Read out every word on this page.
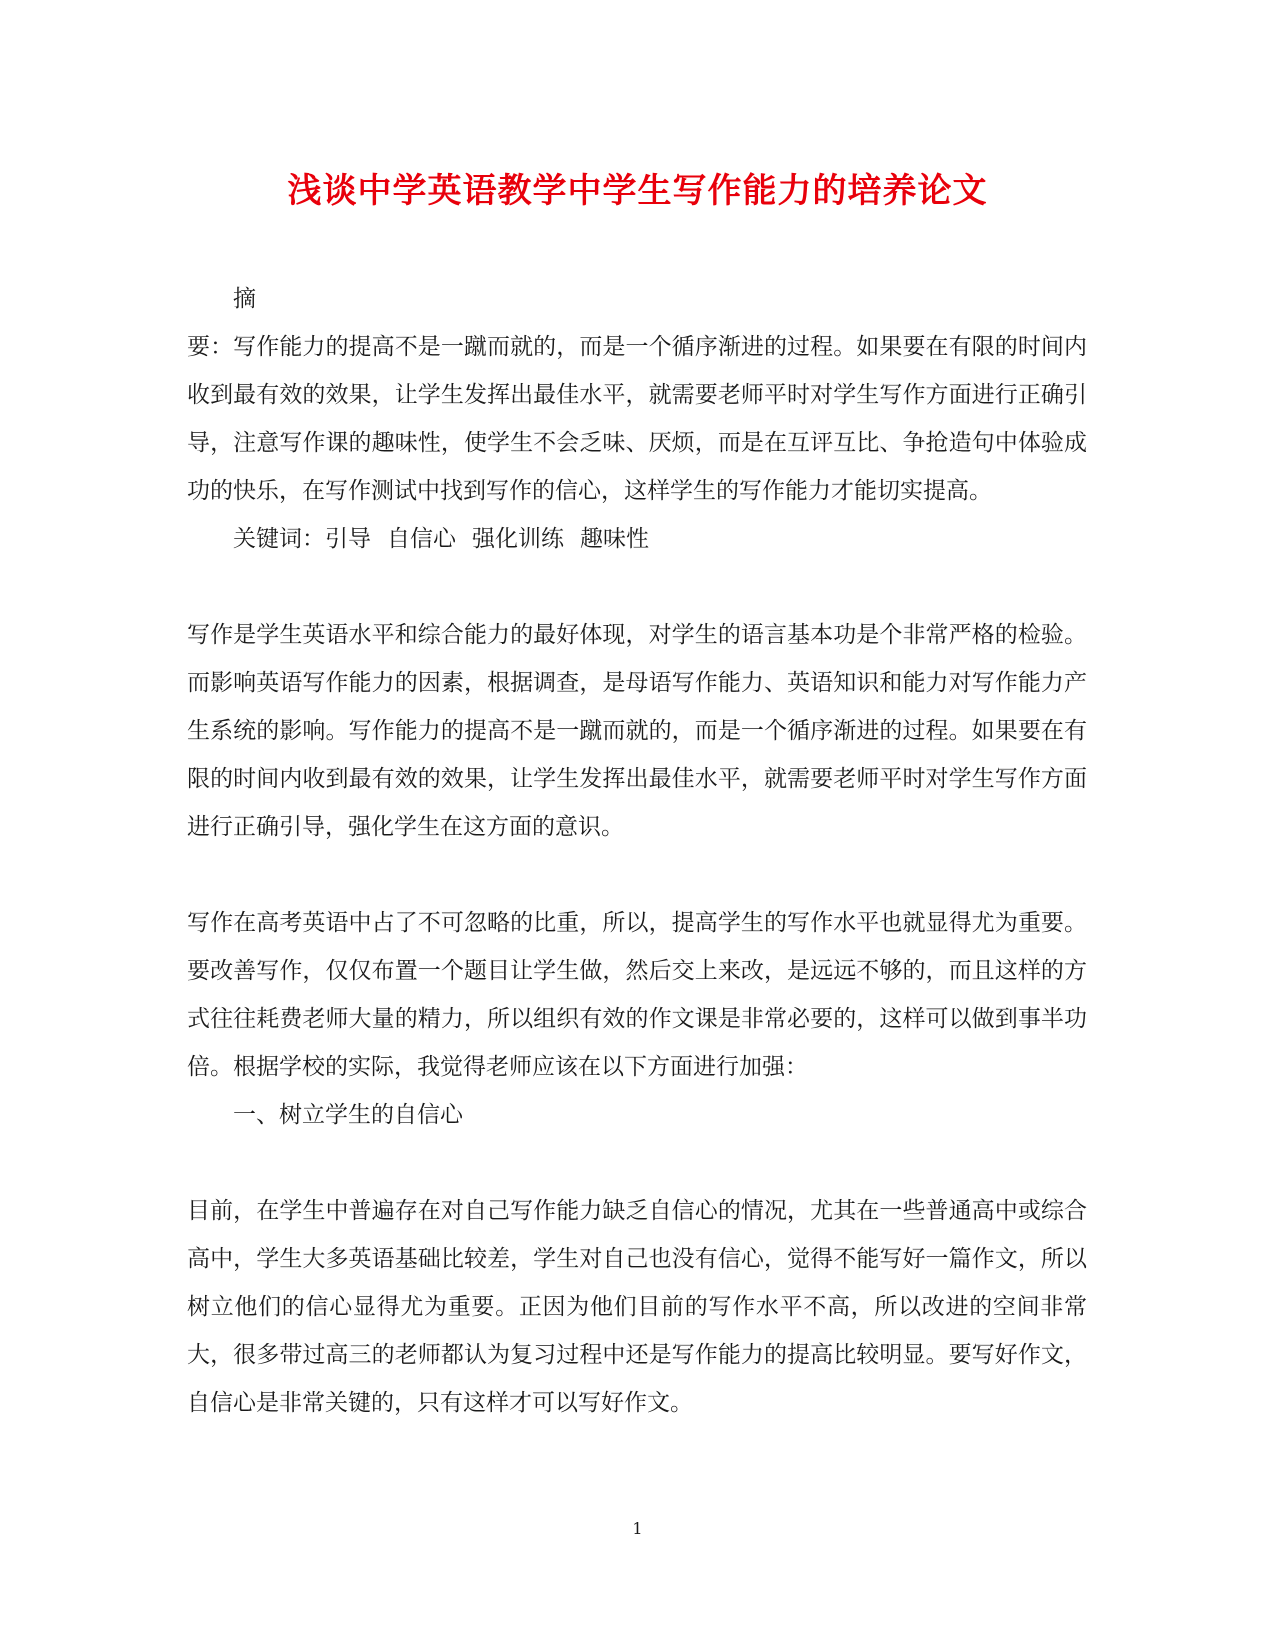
浅谈中学英语教学中学生写作能力的培养论文

摘

要：写作能力的提高不是一蹴而就的，而是一个循序渐进的过程。如果要在有限的时间内收到最有效的效果，让学生发挥出最佳水平，就需要老师平时对学生写作方面进行正确引导，注意写作课的趣味性，使学生不会乏味、厌烦，而是在互评互比、争抢造句中体验成功的快乐，在写作测试中找到写作的信心，这样学生的写作能力才能切实提高。

关键词：引导 自信心 强化训练 趣味性

写作是学生英语水平和综合能力的最好体现，对学生的语言基本功是个非常严格的检验。而影响英语写作能力的因素，根据调查，是母语写作能力、英语知识和能力对写作能力产生系统的影响。写作能力的提高不是一蹴而就的，而是一个循序渐进的过程。如果要在有限的时间内收到最有效的效果，让学生发挥出最佳水平，就需要老师平时对学生写作方面进行正确引导，强化学生在这方面的意识。

写作在高考英语中占了不可忽略的比重，所以，提高学生的写作水平也就显得尤为重要。要改善写作，仅仅布置一个题目让学生做，然后交上来改，是远远不够的，而且这样的方式往往耗费老师大量的精力，所以组织有效的作文课是非常必要的，这样可以做到事半功倍。根据学校的实际，我觉得老师应该在以下方面进行加强：

一、树立学生的自信心

目前，在学生中普遍存在对自己写作能力缺乏自信心的情况，尤其在一些普通高中或综合高中，学生大多英语基础比较差，学生对自己也没有信心，觉得不能写好一篇作文，所以树立他们的信心显得尤为重要。正因为他们目前的写作水平不高，所以改进的空间非常大，很多带过高三的老师都认为复习过程中还是写作能力的提高比较明显。要写好作文，自信心是非常关键的，只有这样才可以写好作文。

1
